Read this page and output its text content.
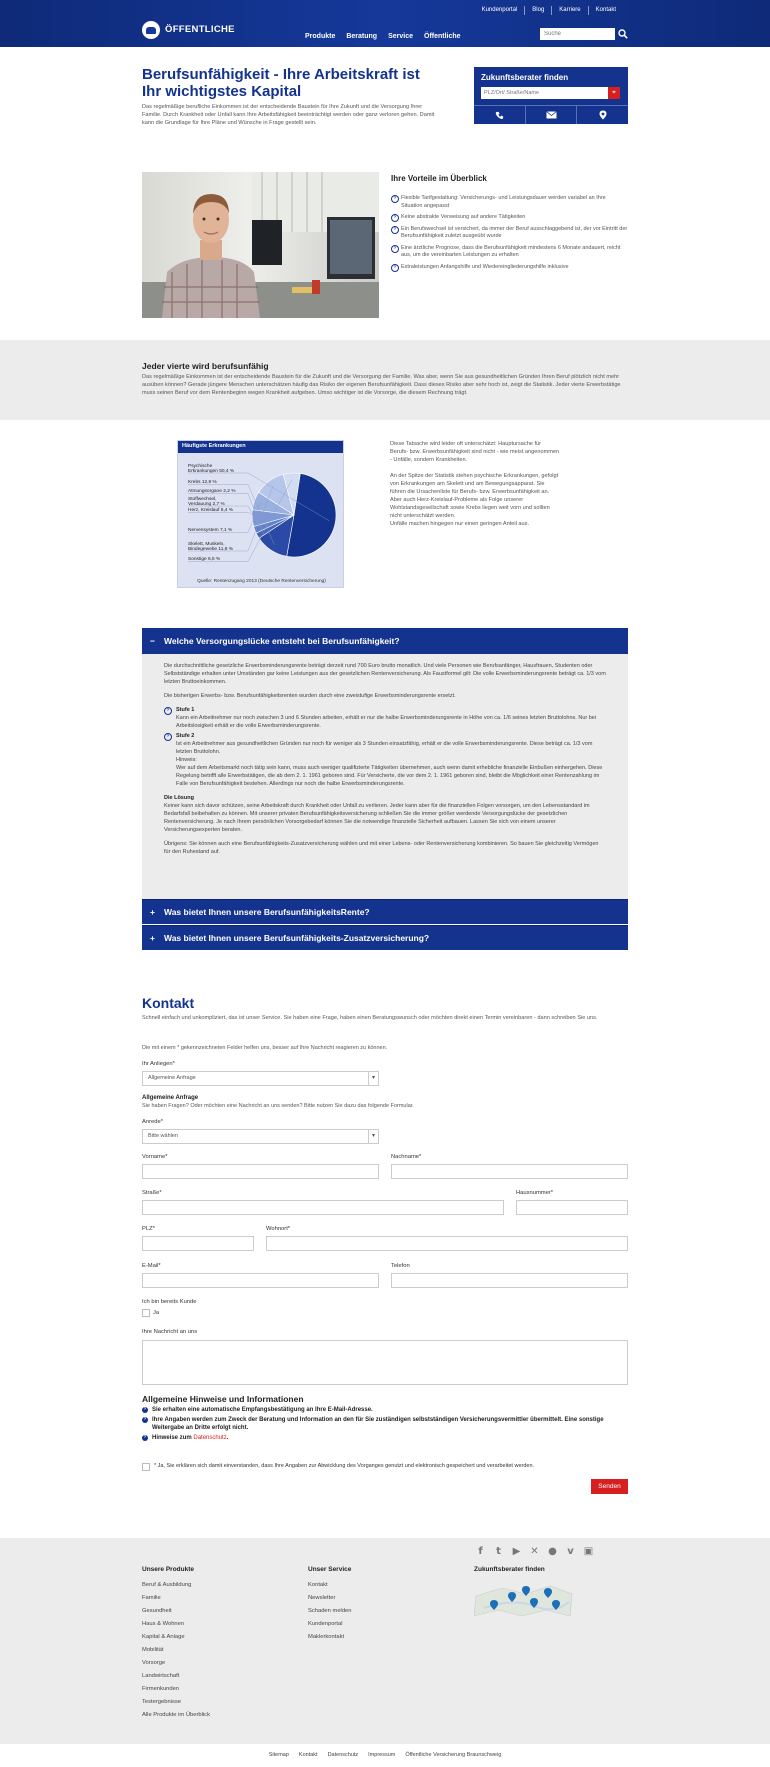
Kundenportal	Blog	Karriere	Kontakt
ÖFFENTLICHE
Produkte Beratung Service Öffentliche
Suche
Berufsunfähigkeit - Ihre Arbeitskraft ist Ihr wichtigstes Kapital

Das regelmäßige berufliche Einkommen ist der entscheidende Baustein für Ihre Zukunft und die Versorgung Ihrer Familie. Durch Krankheit oder Unfall kann Ihre Arbeitsfähigkeit beeinträchtigt werden oder ganz verloren gehen. Damit kann die Grundlage für Ihre Pläne und Wünsche in Frage gestellt sein.

Zukunftsberater finden
PLZ/Ort/ Straße/Name
⌖
Ihre Vorteile im Überblick
› Flexible Tarifgestaltung: Versicherungs- und Leistungsdauer werden variabel an Ihre Situation angepasst
› Keine abstrakte Verweisung auf andere Tätigkeiten
› Ein Berufswechsel ist versichert, da immer der Beruf ausschlaggebend ist, der vor Eintritt der Berufsunfähigkeit zuletzt ausgeübt wurde
› Eine ärztliche Prognose, dass die Berufsunfähigkeit mindestens 6 Monate andauert, reicht aus, um die vereinbarten Leistungen zu erhalten
› Extraleistungen Anfangshilfe und Wiedereingliederungshilfe inklusive
Jeder vierte wird berufsunfähig

Das regelmäßige Einkommen ist der entscheidende Baustein für die Zukunft und die Versorgung der Familie. Was aber, wenn Sie aus gesundheitlichen Gründen Ihren Beruf plötzlich nicht mehr ausüben können? Gerade jüngere Menschen unterschätzen häufig das Risiko der eigenen Berufsunfähigkeit. Dass dieses Risiko aber sehr hoch ist, zeigt die Statistik. Jeder vierte Erwerbstätige muss seinen Beruf vor dem Rentenbeginn wegen Krankheit aufgeben. Umso wichtiger ist die Vorsorge, die diesem Rechnung trägt.

Häufigste Erkrankungen
Psychische Erkrankungen 50,4 %
Krebs 12,9 %
Atmungsorgane 2,2 %
Stoffwechsel, Verdauung 2,7 %
Herz, Kreislauf 6,4 %
Nervensystem 7,1 %
Skelett, Muskeln, Bindegewebe 11,8 %
Sonstige 6,5 %
Quelle: Rentenzugang 2013 (Deutsche Rentenversicherung)

Diese Tatsache wird leider oft unterschätzt: Hauptursache für Berufs- bzw. Erwerbsunfähigkeit sind nicht - wie meist angenommen - Unfälle, sondern Krankheiten.

An der Spitze der Statistik stehen psychische Erkrankungen, gefolgt von Erkrankungen am Skelett und am Bewegungsapparat. Sie führen die Ursachenliste für Berufs- bzw. Erwerbsunfähigkeit an. Aber auch Herz-Kreislauf-Probleme als Folge unserer Wohlstandsgesellschaft sowie Krebs liegen weit vorn und sollten nicht unterschätzt werden.

Unfälle machen hingegen nur einen geringen Anteil aus.

− Welche Versorgungslücke entsteht bei Berufsunfähigkeit?

Die durchschnittliche gesetzliche Erwerbsminderungsrente beträgt derzeit rund 700 Euro brutto monatlich. Und viele Personen wie Berufsanfänger, Hausfrauen, Studenten oder Selbstständige erhalten unter Umständen gar keine Leistungen aus der gesetzlichen Rentenversicherung. Als Faustformel gilt: Die volle Erwerbsminderungsrente beträgt ca. 1/3 vom letzten Bruttoeinkommen.

Die bisherigen Erwerbs- bzw. Berufsunfähigkeitsrenten wurden durch eine zweistufige Erwerbsminderungsrente ersetzt.

› Stufe 1

Kann ein Arbeitnehmer nur noch zwischen 3 und 6 Stunden arbeiten, erhält er nur die halbe Erwerbsminderungsrente in Höhe von ca. 1/6 seines letzten Bruttolohns. Nur bei Arbeitslosigkeit erhält er die volle Erwerbsminderungsrente.

› Stufe 2
Ist ein Arbeitnehmer aus gesundheitlichen Gründen nur noch für weniger als 3 Stunden einsatzfähig, erhält er die volle Erwerbsminderungsrente. Diese beträgt ca. 1/3 vom letzten Bruttolohn.
Hinweis:

Wer auf dem Arbeitsmarkt noch tätig sein kann, muss auch weniger qualifizierte Tätigkeiten übernehmen, auch wenn damit erhebliche finanzielle Einbußen einhergehen. Diese Regelung betrifft alle Erwerbstätigen, die ab dem 2. 1. 1961 geboren sind. Für Versicherte, die vor dem 2. 1. 1961 geboren sind, bleibt die Möglichkeit einer Rentenzahlung im Falle von Berufsunfähigkeit bestehen. Allerdings nur noch die halbe Erwerbsminderungsrente.

Die Lösung

Keiner kann sich davor schützen, seine Arbeitskraft durch Krankheit oder Unfall zu verlieren. Jeder kann aber für die finanziellen Folgen vorsorgen, um den Lebensstandard im Bedarfsfall beibehalten zu können. Mit unserer privaten Berufsunfähigkeitsversicherung schließen Sie die immer größer werdende Versorgungslücke der gesetzlichen Rentenversicherung. Je nach Ihrem persönlichen Vorsorgebedarf können Sie die notwendige finanzielle Sicherheit aufbauen. Lassen Sie sich von einem unserer Versicherungsexperten beraten.

Übrigens: Sie können auch eine Berufsunfähigkeits-Zusatzversicherung wählen und mit einer Lebens- oder Rentenversicherung kombinieren. So bauen Sie gleichzeitig Vermögen für den Ruhestand auf.

+ Was bietet Ihnen unsere BerufsunfähigkeitsRente?
+ Was bietet Ihnen unsere Berufsunfähigkeits-Zusatzversicherung?
Kontakt

Schnell einfach und unkompliziert, das ist unser Service. Sie haben eine Frage, haben einen Beratungswunsch oder möchten direkt einen Termin vereinbaren - dann schreiben Sie uns.

Die mit einem * gekennzeichneten Felder helfen uns, besser auf Ihre Nachricht reagieren zu können.

Ihr Anliegen*
Allgemeine Anfrage ▾
Allgemeine Anfrage
Sie haben Fragen? Oder möchten eine Nachricht an uns senden? Bitte nutzen Sie dazu das folgende Formular.
Anrede*
Bitte wählen ▾
Vorname*	Nachname*
Straße*	Hausnummer*
PLZ*	Wohnort*
E-Mail*	Telefon
Ich bin bereits Kunde
Ja
Ihre Nachricht an uns
Allgemeine Hinweise und Informationen
› Sie erhalten eine automatische Empfangsbestätigung an Ihre E-Mail-Adresse.
› Ihre Angaben werden zum Zweck der Beratung und Information an den für Sie zuständigen selbstständigen Versicherungsvermittler übermittelt. Eine sonstige Weitergabe an Dritte erfolgt nicht.
› Hinweise zum Datenschutz.
* Ja, Sie erklären sich damit einverstanden, dass Ihre Angaben zur Abwicklung des Vorganges genutzt und elektronisch gespeichert und verarbeitet werden.
Senden
f	t	▶ ✕ ●	v	▣
Unsere Produkte
Beruf & Ausbildung
Familie
Gesundheit
Haus & Wohnen
Kapital & Anlage
Mobilität
Vorsorge
Landwirtschaft
Firmenkunden
Testergebnisse
Alle Produkte im Überblick
Unser Service
Kontakt
Newsletter
Schaden melden
Kundenportal
Maklerkontakt
Zukunftsberater finden
Sitemap Kontakt Datenschutz Impressum Öffentliche Versicherung Braunschweig
